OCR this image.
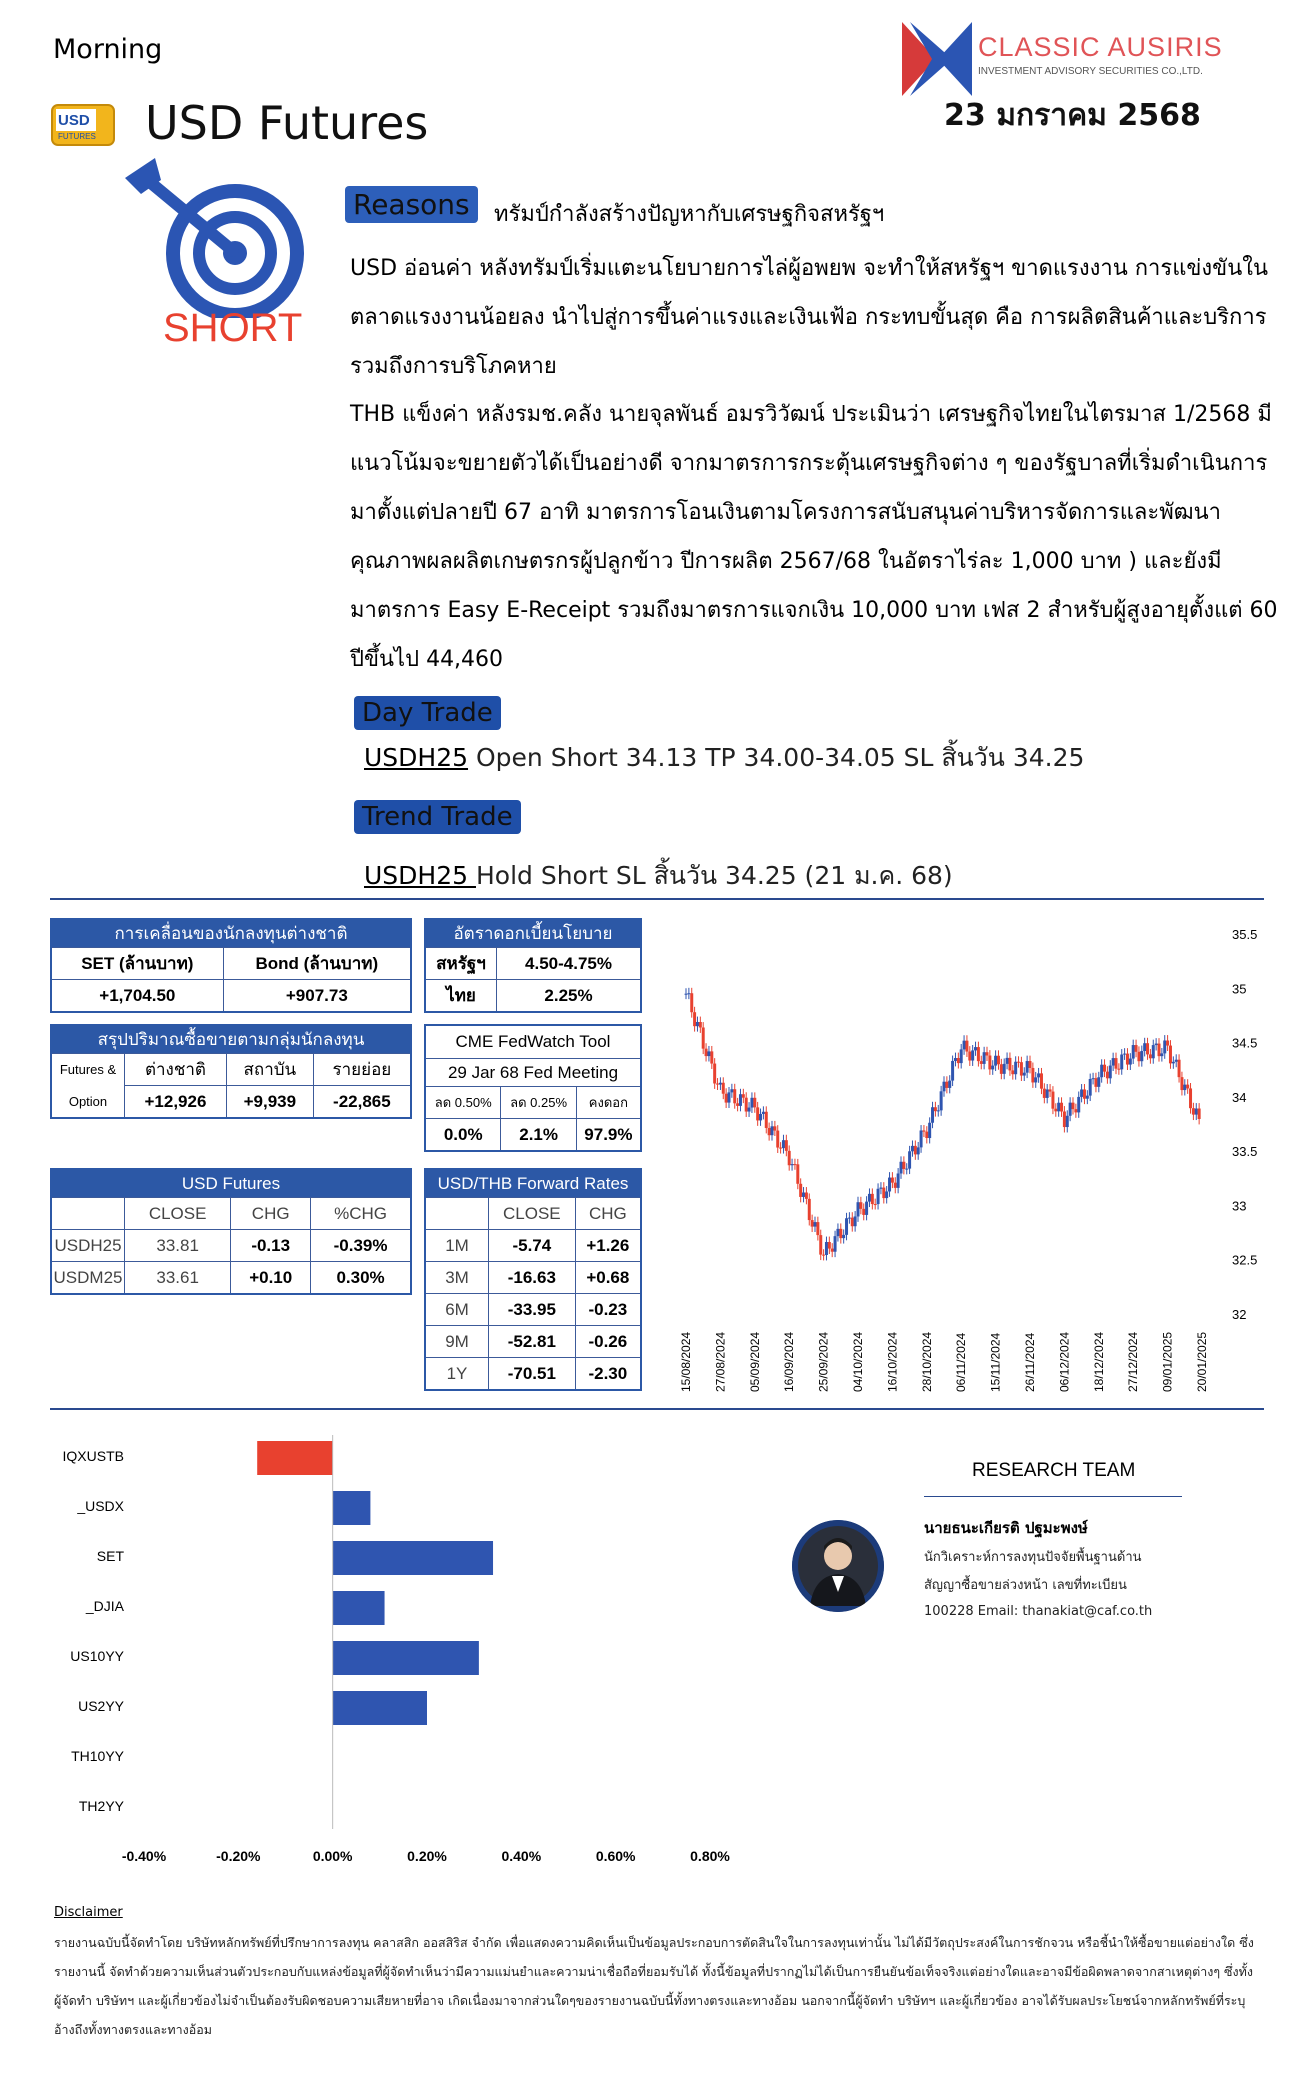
Morning
USD
FUTURES USD Futures
CLASSIC AUSIRIS
INVESTMENT ADVISORY SECURITIES CO.,LTD.
23 มกราคม 2568
SHORT
Reasons	ทรัมป์กำลังสร้างปัญหากับเศรษฐกิจสหรัฐฯ
USD อ่อนค่า หลังทรัมป์เริ่มแตะนโยบายการไล่ผู้อพยพ จะทำให้สหรัฐฯ ขาดแรงงาน การแข่งขันในตลาดแรงงานน้อยลง นำไปสู่การขึ้นค่าแรงและเงินเฟ้อ กระทบขั้นสุด คือ การผลิตสินค้าและบริการ รวมถึงการบริโภคหาย
THB แข็งค่า หลังรมช.คลัง นายจุลพันธ์ อมรวิวัฒน์ ประเมินว่า เศรษฐกิจไทยในไตรมาส 1/2568 มีแนวโน้มจะขยายตัวได้เป็นอย่างดี จากมาตรการกระตุ้นเศรษฐกิจต่าง ๆ ของรัฐบาลที่เริ่มดำเนินการมาตั้งแต่ปลายปี 67 อาทิ มาตรการโอนเงินตามโครงการสนับสนุนค่าบริหารจัดการและพัฒนาคุณภาพผลผลิตเกษตรกรผู้ปลูกข้าว ปีการผลิต 2567/68 ในอัตราไร่ละ 1,000 บาท ) และยังมีมาตรการ Easy E-Receipt รวมถึงมาตรการแจกเงิน 10,000 บาท เฟส 2 สำหรับผู้สูงอายุตั้งแต่ 60 ปีขึ้นไป 44,460
Day Trade
USDH25 Open Short 34.13 TP 34.00-34.05 SL สิ้นวัน 34.25
Trend Trade
USDH25 Hold Short SL สิ้นวัน 34.25 (21 ม.ค. 68)
การเคลื่อนของนักลงทุนต่างชาติ	
SET (ล้านบาท)	Bond (ล้านบาท)
+1,704.50	+907.73
อัตราดอกเบี้ยนโยบาย	
สหรัฐฯ	4.50-4.75%
ไทย	2.25%
สรุปปริมาณซื้อขายตามกลุ่มนักลงทุน			
Futures &	ต่างชาติ	สถาบัน	รายย่อย
Option	+12,926	+9,939	-22,865
CME FedWatch Tool		
29 Jar 68 Fed Meeting		
ลด 0.50%	ลด 0.25%	คงดอก
0.0%	2.1%	97.9%
USD Futures			
	CLOSE	CHG	%CHG
USDH25	33.81	-0.13	-0.39%
USDM25	33.61	+0.10	0.30%
USD/THB Forward Rates		
	CLOSE	CHG
1M	-5.74	+1.26
3M	-16.63	+0.68
6M	-33.95	-0.23
9M	-52.81	-0.26
1Y	-70.51	-2.30
32
32.5
33
33.5
34
34.5
35
35.5
15/08/2024 27/08/2024 05/09/2024 16/09/2024 25/09/2024 04/10/2024 16/10/2024 28/10/2024 06/11/2024 15/11/2024 26/11/2024 06/12/2024 18/12/2024 27/12/2024 09/01/2025 20/01/2025
IQXUSTB
_USDX
SET
_DJIA
US10YY
US2YY
TH10YY
TH2YY
-0.40%	-0.20%	0.00%	0.20%	0.40%	0.60%	0.80%
RESEARCH TEAM
นายธนะเกียรติ ปฐมะพงษ์
นักวิเคราะห์การลงทุนปัจจัยพื้นฐานด้าน
สัญญาซื้อขายล่วงหน้า เลขที่ทะเบียน
100228 Email: thanakiat@caf.co.th
Disclaimer
รายงานฉบับนี้จัดทำโดย บริษัทหลักทรัพย์ที่ปรึกษาการลงทุน คลาสสิก ออสสิริส จำกัด เพื่อแสดงความคิดเห็นเป็นข้อมูลประกอบการตัดสินใจในการลงทุนเท่านั้น ไม่ได้มีวัตถุประสงค์ในการชักจวน หรือชี้นำให้ซื้อขายแต่อย่างใด ซึ่งรายงานนี้ จัดทำด้วยความเห็นส่วนตัวประกอบกับแหล่งข้อมูลที่ผู้จัดทำเห็นว่ามีความแม่นยำและความน่าเชื่อถือที่ยอมรับได้ ทั้งนี้ข้อมูลที่ปรากฏไม่ได้เป็นการยืนยันข้อเท็จจริงแต่อย่างใดและอาจมีข้อผิดพลาดจากสาเหตุต่างๆ ซึ่งทั้งผู้จัดทำ บริษัทฯ และผู้เกี่ยวข้องไม่จำเป็นต้องรับผิดชอบความเสียหายที่อาจ เกิดเนื่องมาจากส่วนใดๆของรายงานฉบับนี้ทั้งทางตรงและทางอ้อม นอกจากนี้ผู้จัดทำ บริษัทฯ และผู้เกี่ยวข้อง อาจได้รับผลประโยชน์จากหลักทรัพย์ที่ระบุอ้างถึงทั้งทางตรงและทางอ้อม
